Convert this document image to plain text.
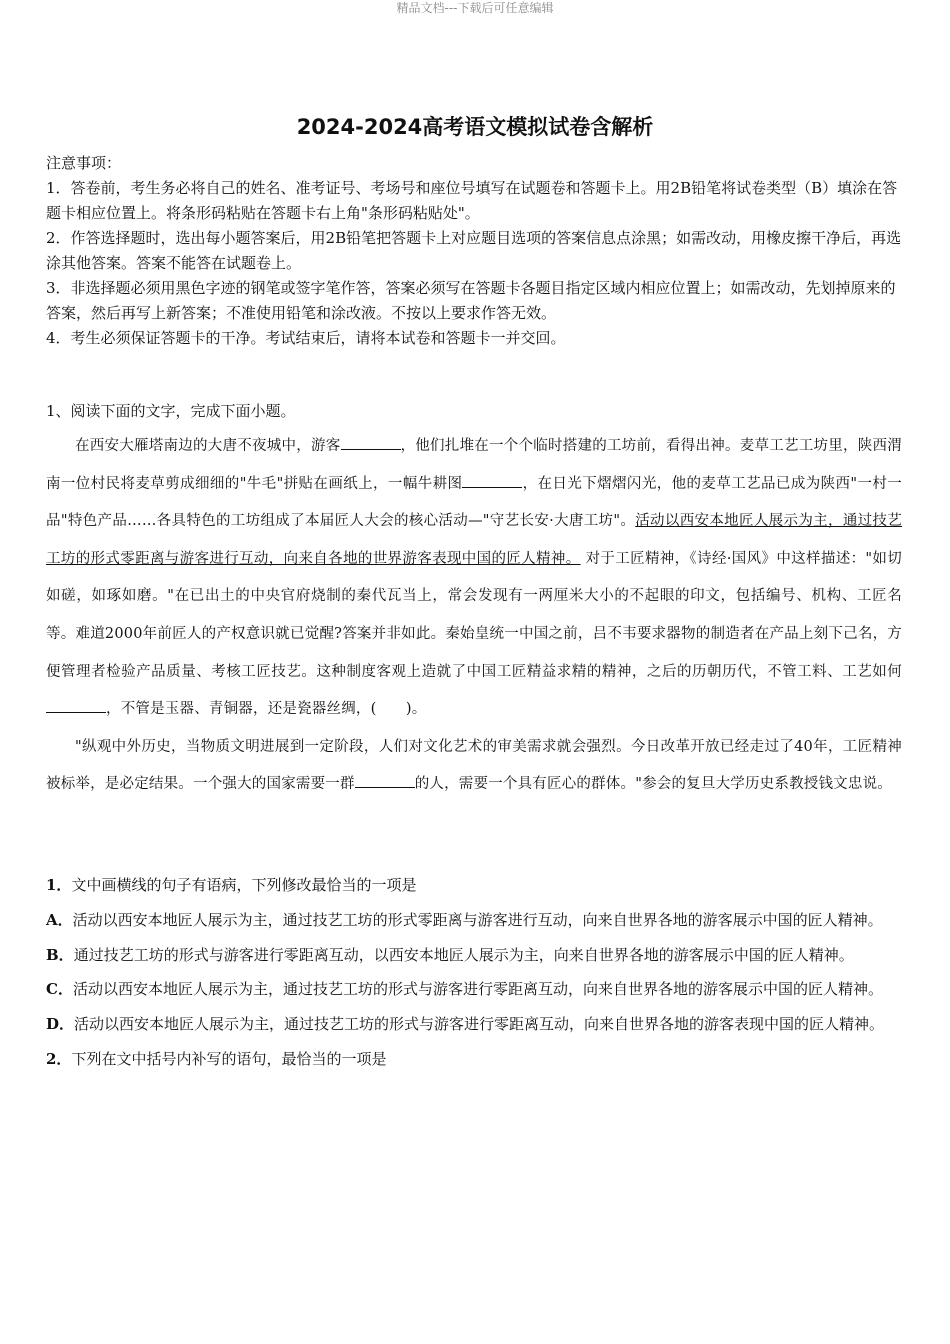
精品文档---下载后可任意编辑
2024-2024高考语文模拟试卷含解析

注意事项：

1．答卷前，考生务必将自己的姓名、准考证号、考场号和座位号填写在试题卷和答题卡上。用2B铅笔将试卷类型（B）填涂在答题卡相应位置上。将条形码粘贴在答题卡右上角"条形码粘贴处"。

2．作答选择题时，选出每小题答案后，用2B铅笔把答题卡上对应题目选项的答案信息点涂黑；如需改动，用橡皮擦干净后，再选涂其他答案。答案不能答在试题卷上。

3．非选择题必须用黑色字迹的钢笔或签字笔作答，答案必须写在答题卡各题目指定区域内相应位置上；如需改动，先划掉原来的答案，然后再写上新答案；不准使用铅笔和涂改液。不按以上要求作答无效。

4．考生必须保证答题卡的干净。考试结束后，请将本试卷和答题卡一并交回。

1、阅读下面的文字，完成下面小题。

在西安大雁塔南边的大唐不夜城中，游客	，他们扎堆在一个个临时搭建的工坊前，看得出神。麦草工艺工坊里，陕西渭南一位村民将麦草剪成细细的"牛毛"拼贴在画纸上，一幅牛耕图	，在日光下熠熠闪光，他的麦草工艺品已成为陕西"一村一品"特色产品……各具特色的工坊组成了本届匠人大会的核心活动—"守艺长安·大唐工坊"。活动以西安本地匠人展示为主，通过技艺工坊的形式零距离与游客进行互动，向来自各地的世界游客表现中国的匠人精神。 对于工匠精神，《诗经·国风》中这样描述："如切如磋，如琢如磨。"在已出土的中央官府烧制的秦代瓦当上，常会发现有一两厘米大小的不起眼的印文，包括编号、机构、工匠名等。难道2000年前匠人的产权意识就已觉醒?答案并非如此。秦始皇统一中国之前，吕不韦要求器物的制造者在产品上刻下己名，方便管理者检验产品质量、考核工匠技艺。这种制度客观上造就了中国工匠精益求精的精神，之后的历朝历代，不管工料、工艺如何，不管是玉器、青铜器，还是瓷器丝绸，(　　)。

"纵观中外历史，当物质文明进展到一定阶段，人们对文化艺术的审美需求就会强烈。今日改革开放已经走过了40年，工匠精神被标举，是必定结果。一个强大的国家需要一群	的人，需要一个具有匠心的群体。"参会的复旦大学历史系教授钱文忠说。

1．文中画横线的句子有语病，下列修改最恰当的一项是

A．活动以西安本地匠人展示为主，通过技艺工坊的形式零距离与游客进行互动，向来自世界各地的游客展示中国的匠人精神。

B．通过技艺工坊的形式与游客进行零距离互动，以西安本地匠人展示为主，向来自世界各地的游客展示中国的匠人精神。

C．活动以西安本地匠人展示为主，通过技艺工坊的形式与游客进行零距离互动，向来自世界各地的游客展示中国的匠人精神。

D．活动以西安本地匠人展示为主，通过技艺工坊的形式与游客进行零距离互动，向来自世界各地的游客表现中国的匠人精神。

2．下列在文中括号内补写的语句，最恰当的一项是
